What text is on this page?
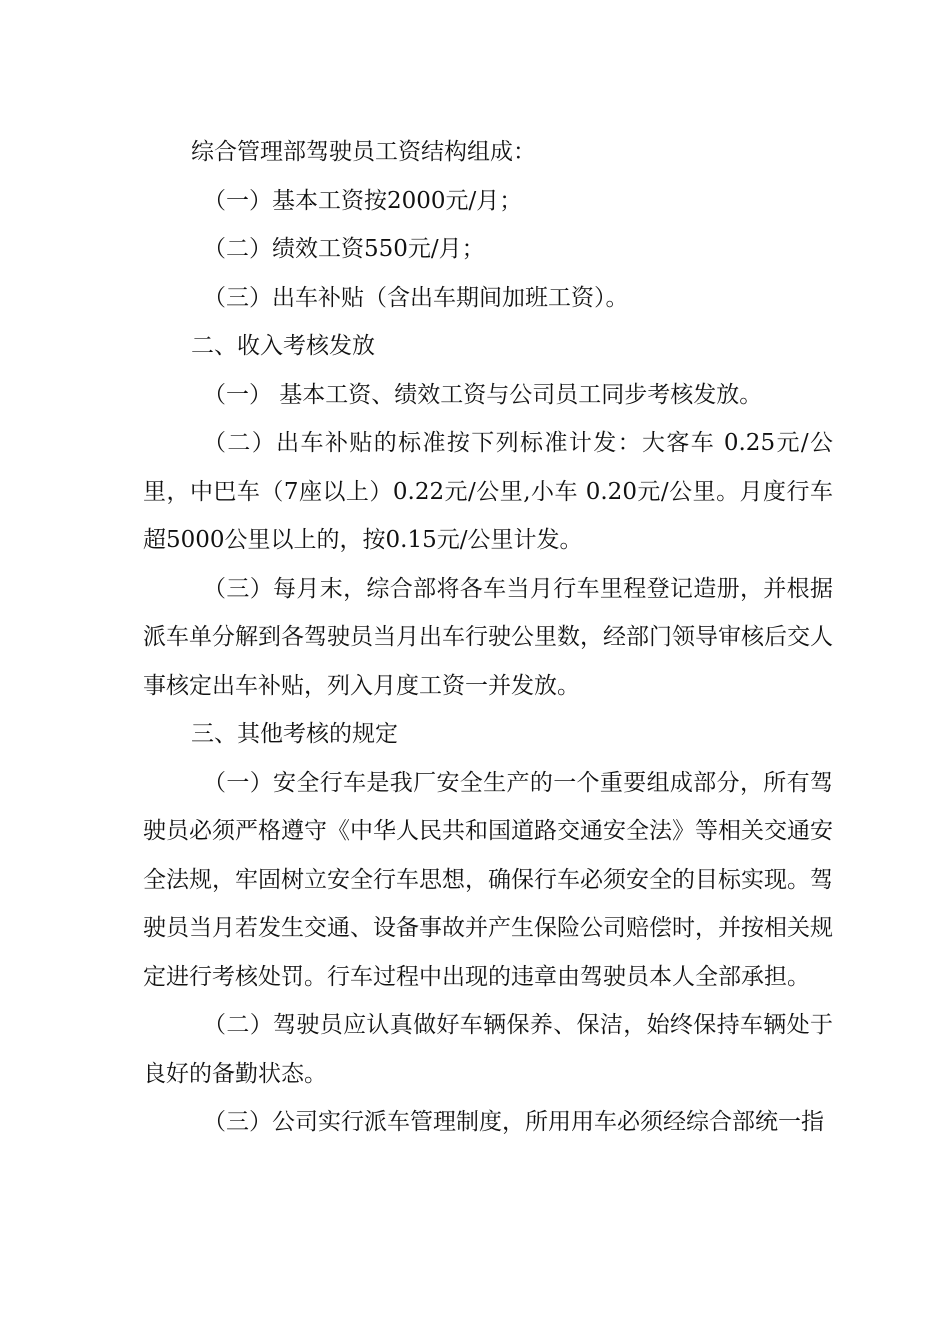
综合管理部驾驶员工资结构组成：

（一）基本工资按2000元/月；

（二）绩效工资550元/月；

（三）出车补贴（含出车期间加班工资）。

二、收入考核发放

（一） 基本工资、绩效工资与公司员工同步考核发放。

（二）出车补贴的标准按下列标准计发：大客车 0.25元/公里，中巴车（7座以上）0.22元/公里,小车 0.20元/公里。月度行车超5000公里以上的，按0.15元/公里计发。

（三）每月末，综合部将各车当月行车里程登记造册，并根据派车单分解到各驾驶员当月出车行驶公里数，经部门领导审核后交人事核定出车补贴，列入月度工资一并发放。

三、其他考核的规定

（一）安全行车是我厂安全生产的一个重要组成部分，所有驾驶员必须严格遵守《中华人民共和国道路交通安全法》等相关交通安全法规，牢固树立安全行车思想，确保行车必须安全的目标实现。驾驶员当月若发生交通、设备事故并产生保险公司赔偿时，并按相关规定进行考核处罚。行车过程中出现的违章由驾驶员本人全部承担。

（二）驾驶员应认真做好车辆保养、保洁，始终保持车辆处于良好的备勤状态。

（三）公司实行派车管理制度，所用用车必须经综合部统一指
